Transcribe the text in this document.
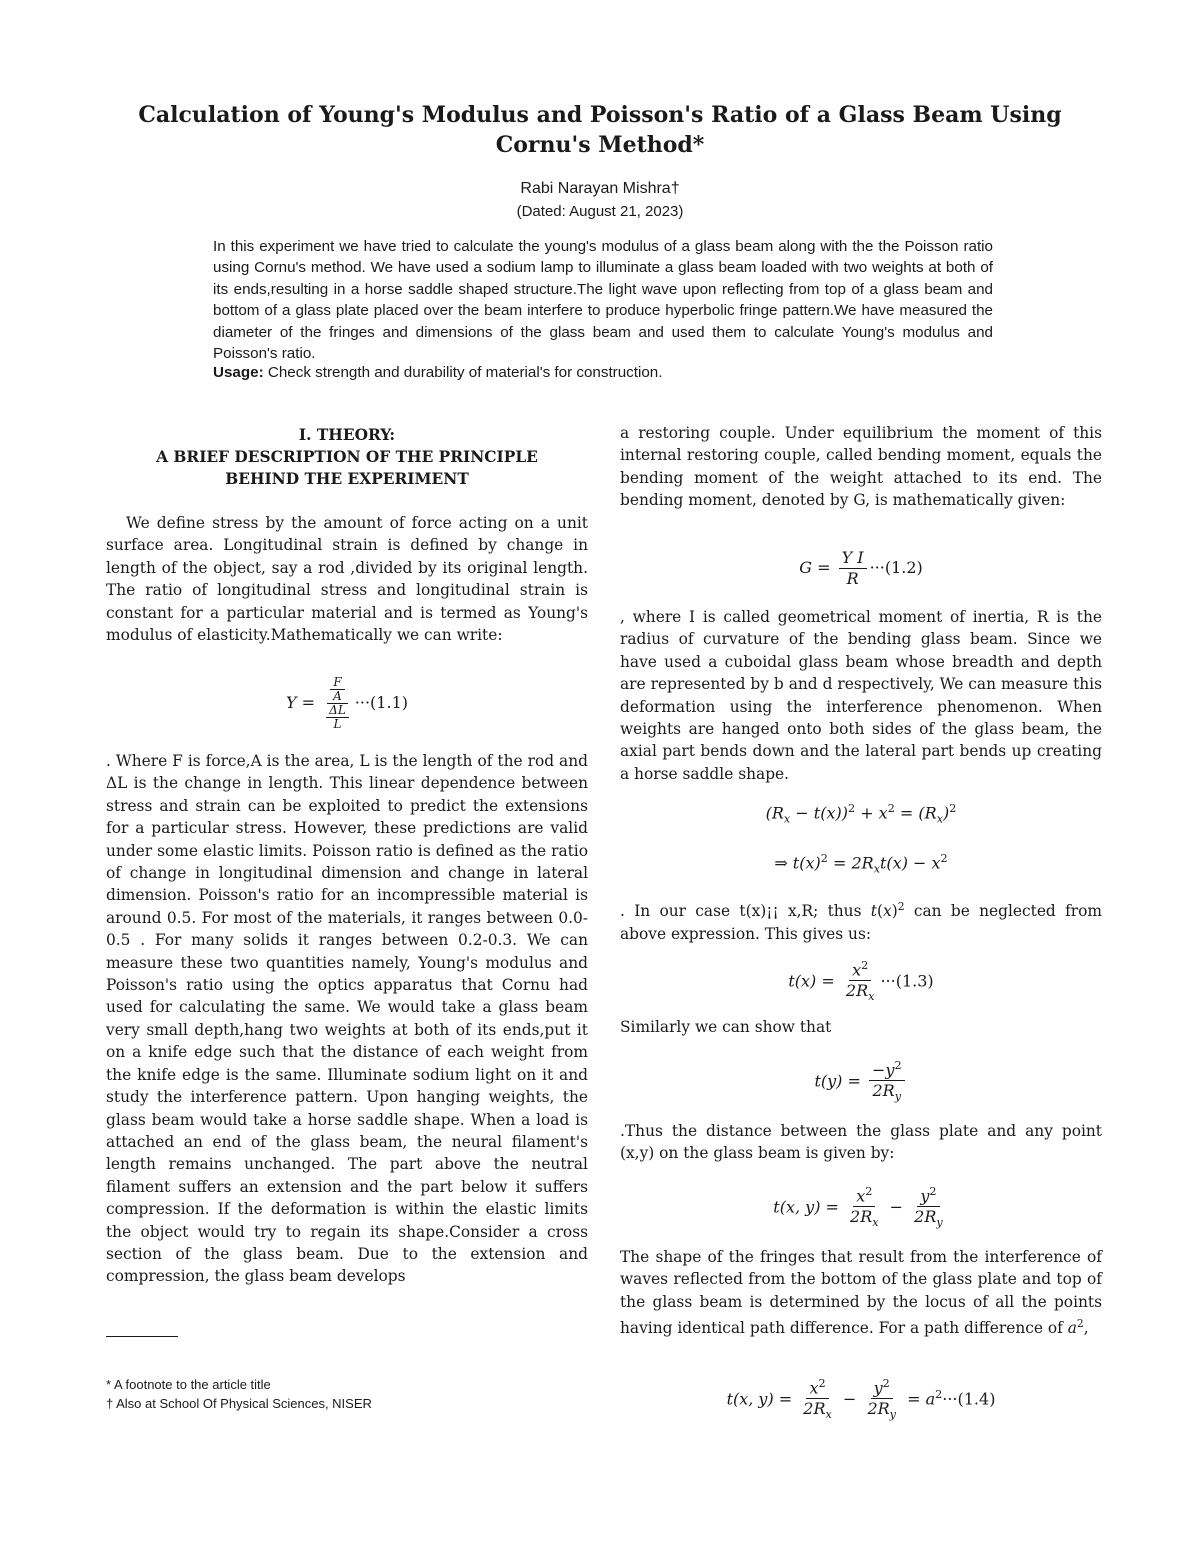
Calculation of Young's Modulus and Poisson's Ratio of a Glass Beam Using Cornu's Method*
Rabi Narayan Mishra†
(Dated: August 21, 2023)
In this experiment we have tried to calculate the young's modulus of a glass beam along with the the Poisson ratio using Cornu's method. We have used a sodium lamp to illuminate a glass beam loaded with two weights at both of its ends,resulting in a horse saddle shaped structure.The light wave upon reflecting from top of a glass beam and bottom of a glass plate placed over the beam interfere to produce hyperbolic fringe pattern.We have measured the diameter of the fringes and dimensions of the glass beam and used them to calculate Young's modulus and Poisson's ratio.
Usage: Check strength and durability of material's for construction.
I. THEORY:
A BRIEF DESCRIPTION OF THE PRINCIPLE
BEHIND THE EXPERIMENT
We define stress by the amount of force acting on a unit surface area. Longitudinal strain is defined by change in length of the object, say a rod ,divided by its original length. The ratio of longitudinal stress and longitudinal strain is constant for a particular material and is termed as Young's modulus of elasticity.Mathematically we can write:
$Y = \frac{\frac{F}{A}}{\frac{\Delta L}{L}} \cdot\cdot\cdot(1.1)$
. Where F is force,A is the area, L is the length of the rod and ΔL is the change in length. This linear dependence between stress and strain can be exploited to predict the extensions for a particular stress. However, these predictions are valid under some elastic limits. Poisson ratio is defined as the ratio of change in longitudinal dimension and change in lateral dimension. Poisson's ratio for an incompressible material is around 0.5. For most of the materials, it ranges between 0.0-0.5 . For many solids it ranges between 0.2-0.3. We can measure these two quantities namely, Young's modulus and Poisson's ratio using the optics apparatus that Cornu had used for calculating the same. We would take a glass beam very small depth,hang two weights at both of its ends,put it on a knife edge such that the distance of each weight from the knife edge is the same. Illuminate sodium light on it and study the interference pattern. Upon hanging weights, the glass beam would take a horse saddle shape. When a load is attached an end of the glass beam, the neural filament's length remains unchanged. The part above the neutral filament suffers an extension and the part below it suffers compression. If the deformation is within the elastic limits the object would try to regain its shape.Consider a cross section of the glass beam. Due to the extension and compression, the glass beam develops
* A footnote to the article title
† Also at School Of Physical Sciences, NISER
a restoring couple. Under equilibrium the moment of this internal restoring couple, called bending moment, equals the bending moment of the weight attached to its end. The bending moment, denoted by G, is mathematically given:
$G = \frac{\text{Y I}}{R} \cdot\cdot\cdot(1.2)$
, where I is called geometrical moment of inertia, R is the radius of curvature of the bending glass beam. Since we have used a cuboidal glass beam whose breadth and depth are represented by b and d respectively, We can measure this deformation using the interference phenomenon. When weights are hanged onto both sides of the glass beam, the axial part bends down and the lateral part bends up creating a horse saddle shape.
$(R_x - t(x))^2 + x^2 = (R_x)^2$
⇒ $t(x)^2 = 2R_xt(x) - x^2$
. In our case t(x)¡¡ x,R; thus $t(x)^2$ can be neglected from above expression. This gives us:
$t(x) = \frac{x^2}{2R_x} \cdot\cdot\cdot(1.3)$
Similarly we can show that
$t(y) = \frac{-y^2}{2R_y}$
.Thus the distance between the glass plate and any point (x,y) on the glass beam is given by:
t(x, $y) = \frac{x^2}{2R_x} - \frac{y^2}{2R_y}$
The shape of the fringes that result from the interference of waves reflected from the bottom of the glass plate and top of the glass beam is determined by the locus of all the points having identical path difference. For a path difference of $a^2$,
t(x, $y) = \frac{x^2}{2R_x} - \frac{y^2}{2R_y} = a^2\cdot\cdot\cdot(1.4)$
